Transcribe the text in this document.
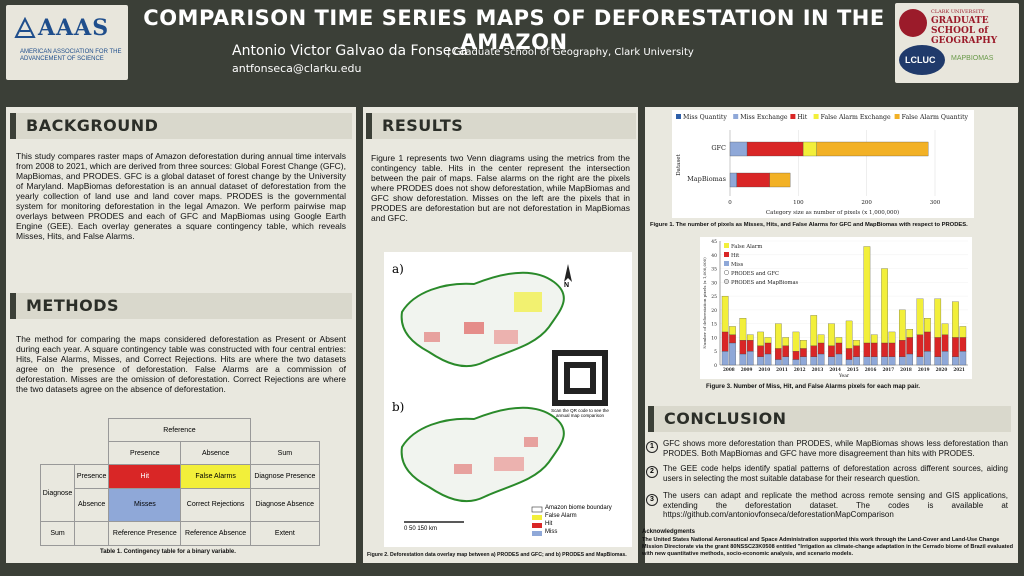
AAAS
AMERICAN ASSOCIATION FOR THE ADVANCEMENT OF SCIENCE
COMPARISON TIME SERIES MAPS OF DEFORESTATION IN THE AMAZON
Antonio Victor Galvao da Fonseca
| Graduate School of Geography, Clark University
antfonseca@clarku.edu
CLARK UNIVERSITY
GRADUATE SCHOOL of GEOGRAPHY
LCLUC MAPBIOMAS
BACKGROUND
This study compares raster maps of Amazon deforestation during annual time intervals from 2008 to 2021, which are derived from three sources: Global Forest Change (GFC), MapBiomas, and PRODES. GFC is a global dataset of forest change by the University of Maryland. MapBiomas deforestation is an annual dataset of deforestation from the yearly collection of land use and land cover maps. PRODES is the governmental system for monitoring deforestation in the legal Amazon. We perform pairwise map overlays between PRODES and each of GFC and MapBiomas using Google Earth Engine (GEE). Each overlay generates a square contingency table, which reveals Misses, Hits, and False Alarms.
METHODS
The method for comparing the maps considered deforestation as Present or Absent during each year. A square contingency table was constructed with four central entries: Hits, False Alarms, Misses, and Correct Rejections. Hits are where the two datasets agree on the presence of deforestation. False Alarms are a commission of deforestation. Misses are the omission of deforestation. Correct Rejections are where the two datasets agree on the absence of deforestation.
		Reference		
		Presence	Absence	Sum
Diagnose	Presence	Hit	False Alarms	Diagnose Presence
	Absence	Misses	Correct Rejections	Diagnose Absence
Sum		Reference Presence	Reference Absence	Extent
Table 1. Contingency table for a binary variable.
RESULTS
Figure 1 represents two Venn diagrams using the metrics from the contingency table. Hits in the center represent the intersection between the pair of maps. False alarms on the right are the pixels where PRODES does not show deforestation, while MapBiomas and GFC show deforestation. Misses on the left are the pixels that in PRODES are deforestation but are not deforestation in MapBiomas and GFC.
a)
b)
N
Scan the QR code to see the annual map comparison
Amazon biome boundary
False Alarm
Hit
Miss
0 50 150 km
Figure 2. Deforestation data overlay map between a) PRODES and GFC; and b) PRODES and MapBiomas.
Miss Quantity Miss Exchange Hit False Alarm Exchange False Alarm Quantity
0	100	200	300
GFC
MapBiomas
Category size as number of pixels (x 1,000,000)
Dataset
Figure 1. The number of pixels as Misses, Hits, and False Alarms for GFC and MapBiomas with respect to PRODES.
0
5
10
15
20
25
30
35
40
45
2008 2009 2010 2011 2012 2013 2014 2015 2016 2017 2018 2019 2020 2021
False Alarm
Hit
Miss
PRODES and GFC
PRODES and MapBiomas
Year
Number of deforestation pixels (x 1,000,000)
Figure 3. Number of Miss, Hit, and False Alarms pixels for each map pair.
CONCLUSION
1	GFC shows more deforestation than PRODES, while MapBiomas shows less deforestation than PRODES. Both MapBiomas and GFC have more disagreement than hits with PRODES.
2	The GEE code helps identify spatial patterns of deforestation across different sources, aiding users in selecting the most suitable database for their research question.
3	The users can adapt and replicate the method across remote sensing and GIS applications, extending the deforestation dataset. The codes is available at https://github.com/antoniovfonseca/deforestationMapComparison
Acknowledgments
The United States National Aeronautical and Space Administration supported this work through the Land-Cover and Land-Use Change Mission Directorate via the grant 80NSSC23K0508 entitled "Irrigation as climate-change adaptation in the Cerrado biome of Brazil evaluated with new quantitative methods, socio-economic analysis, and scenario models.
